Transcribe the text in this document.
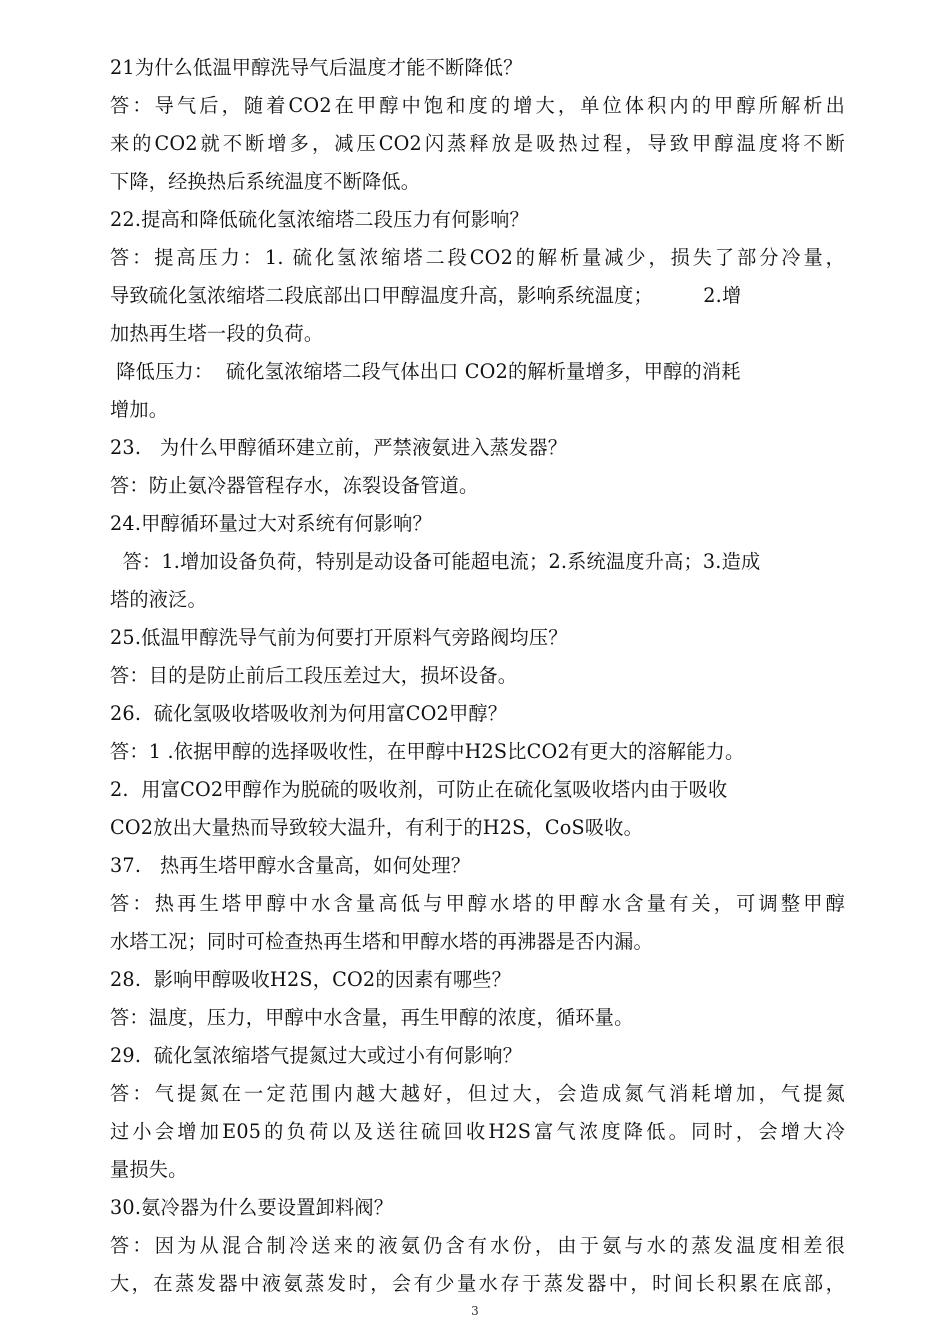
21为什么低温甲醇洗导气后温度才能不断降低？
答：导气后，随着CO2在甲醇中饱和度的增大，单位体积内的甲醇所解析出
来的CO2就不断增多，减压CO2闪蒸释放是吸热过程，导致甲醇温度将不断
下降，经换热后系统温度不断降低。
22.提高和降低硫化氢浓缩塔二段压力有何影响？
答：提高压力：1. 硫化氢浓缩塔二段CO2的解析量减少，损失了部分冷量，
导致硫化氢浓缩塔二段底部出口甲醇温度升高，影响系统温度；        2.增
加热再生塔一段的负荷。
降低压力：  硫化氢浓缩塔二段气体出口 CO2的解析量增多，甲醇的消耗
增加。
23.   为什么甲醇循环建立前，严禁液氨进入蒸发器？
答：防止氨冷器管程存水，冻裂设备管道。
24.甲醇循环量过大对系统有何影响？
答：1.增加设备负荷，特别是动设备可能超电流；2.系统温度升高；3.造成
塔的液泛。
25.低温甲醇洗导气前为何要打开原料气旁路阀均压？
答：目的是防止前后工段压差过大，损坏设备。
26.  硫化氢吸收塔吸收剂为何用富CO2甲醇？
答：1 .依据甲醇的选择吸收性，在甲醇中H2S比CO2有更大的溶解能力。
2.  用富CO2甲醇作为脱硫的吸收剂，可防止在硫化氢吸收塔内由于吸收
CO2放出大量热而导致较大温升，有利于的H2S，CoS吸收。
37.   热再生塔甲醇水含量高，如何处理？
答：热再生塔甲醇中水含量高低与甲醇水塔的甲醇水含量有关，可调整甲醇
水塔工况；同时可检查热再生塔和甲醇水塔的再沸器是否内漏。
28.  影响甲醇吸收H2S，CO2的因素有哪些？
答：温度，压力，甲醇中水含量，再生甲醇的浓度，循环量。
29.  硫化氢浓缩塔气提氮过大或过小有何影响？
答：气提氮在一定范围内越大越好，但过大，会造成氮气消耗增加，气提氮
过小会增加E05的负荷以及送往硫回收H2S富气浓度降低。同时，会增大冷
量损失。
30.氨冷器为什么要设置卸料阀？
答：因为从混合制冷送来的液氨仍含有水份，由于氨与水的蒸发温度相差很
大，在蒸发器中液氨蒸发时，会有少量水存于蒸发器中，时间长积累在底部，
3
